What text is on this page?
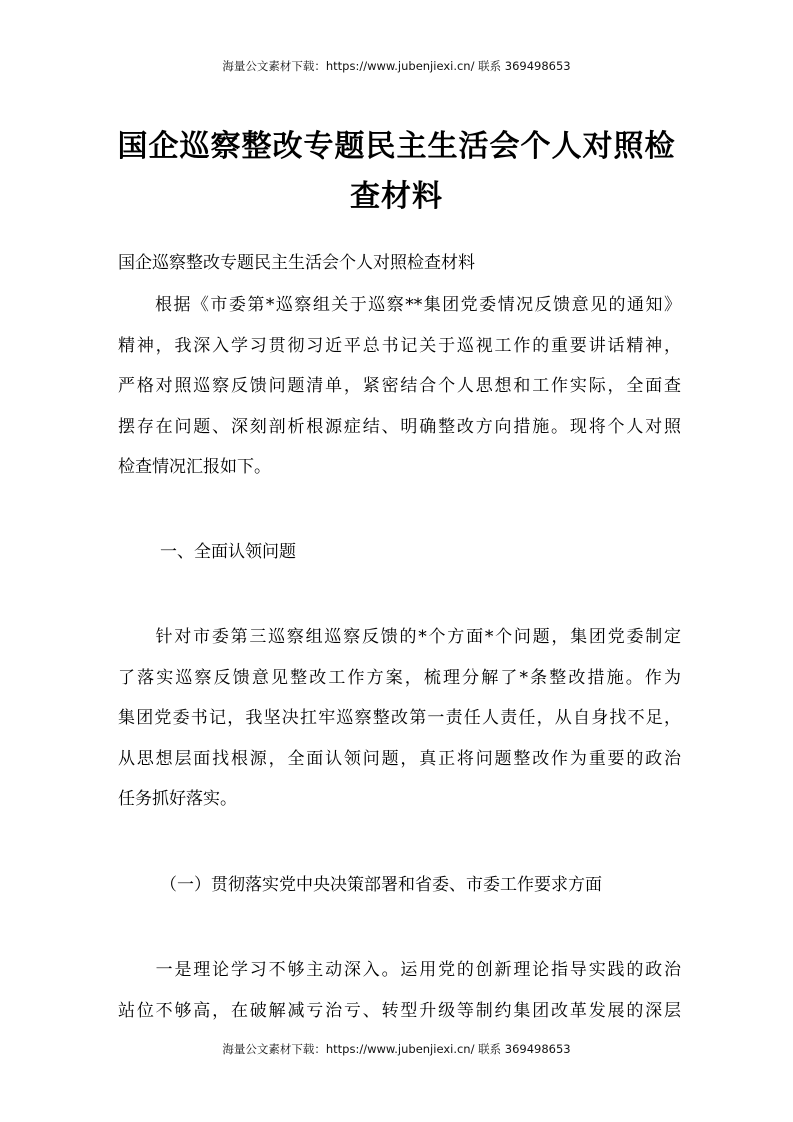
海量公文素材下载：https://www.jubenjiexi.cn/ 联系 369498653
国企巡察整改专题民主生活会个人对照检
查材料
国企巡察整改专题民主生活会个人对照检查材料
　　根据《市委第*巡察组关于巡察**集团党委情况反馈意见的通知》
精神，我深入学习贯彻习近平总书记关于巡视工作的重要讲话精神，
严格对照巡察反馈问题清单，紧密结合个人思想和工作实际，全面查
摆存在问题、深刻剖析根源症结、明确整改方向措施。现将个人对照
检查情况汇报如下。
一、全面认领问题
　　针对市委第三巡察组巡察反馈的*个方面*个问题，集团党委制定
了落实巡察反馈意见整改工作方案，梳理分解了*条整改措施。作为
集团党委书记，我坚决扛牢巡察整改第一责任人责任，从自身找不足，
从思想层面找根源，全面认领问题，真正将问题整改作为重要的政治
任务抓好落实。
（一）贯彻落实党中央决策部署和省委、市委工作要求方面
　　一是理论学习不够主动深入。运用党的创新理论指导实践的政治
站位不够高，在破解减亏治亏、转型升级等制约集团改革发展的深层
海量公文素材下载：https://www.jubenjiexi.cn/ 联系 369498653
